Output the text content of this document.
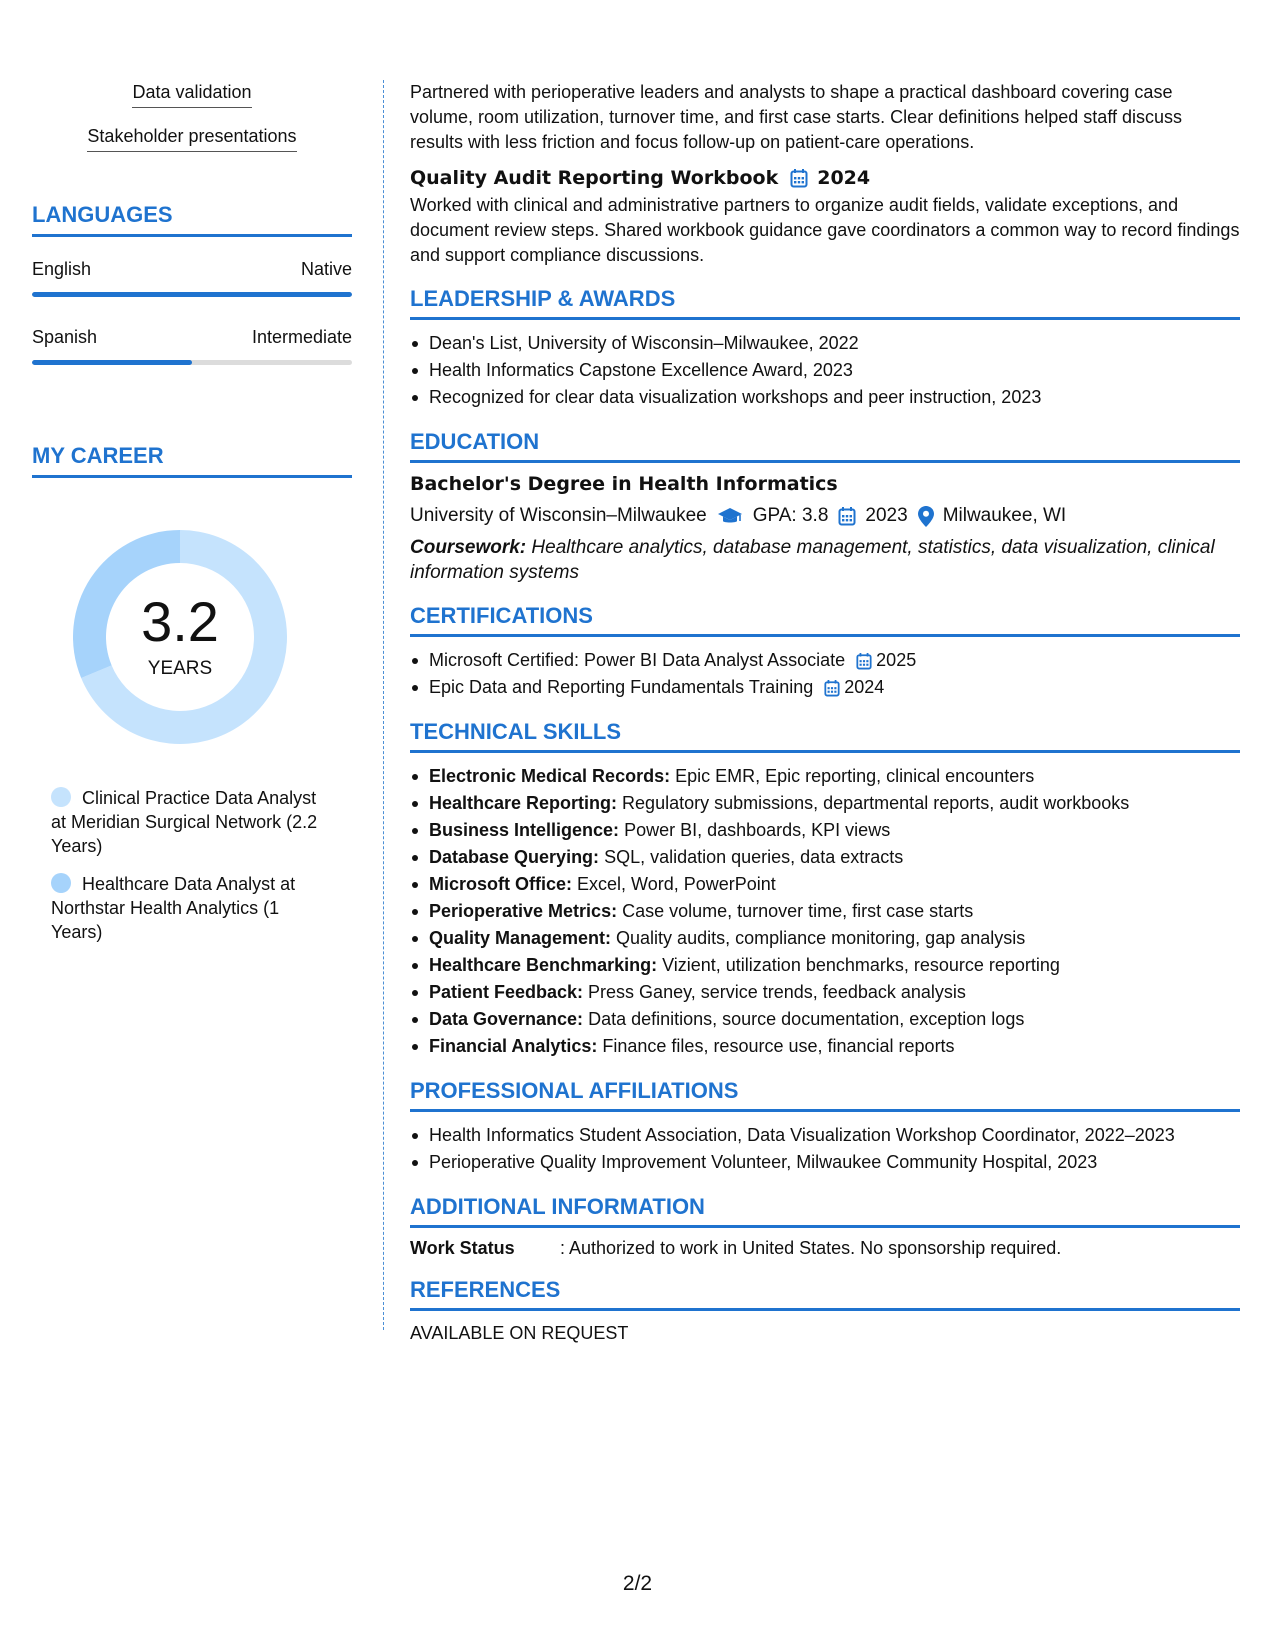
Data validation
Stakeholder presentations
LANGUAGES
English	Native
Spanish	Intermediate
MY CAREER
3.2
YEARS
Clinical Practice Data Analyst at Meridian Surgical Network (2.2 Years)
Healthcare Data Analyst at Northstar Health Analytics (1 Years)

Partnered with perioperative leaders and analysts to shape a practical dashboard covering case volume, room utilization, turnover time, and first case starts. Clear definitions helped staff discuss results with less friction and focus follow-up on patient-care operations.

Quality Audit Reporting Workbook 2024

Worked with clinical and administrative partners to organize audit fields, validate exceptions, and document review steps. Shared workbook guidance gave coordinators a common way to record findings and support compliance discussions.

LEADERSHIP & AWARDS
Dean's List, University of Wisconsin–Milwaukee, 2022
Health Informatics Capstone Excellence Award, 2023
Recognized for clear data visualization workshops and peer instruction, 2023
EDUCATION
Bachelor's Degree in Health Informatics
University of Wisconsin–Milwaukee GPA: 3.8 2023 Milwaukee, WI

Coursework: Healthcare analytics, database management, statistics, data visualization, clinical information systems

CERTIFICATIONS
Microsoft Certified: Power BI Data Analyst Associate 2025
Epic Data and Reporting Fundamentals Training 2024
TECHNICAL SKILLS
Electronic Medical Records: Epic EMR, Epic reporting, clinical encounters
Healthcare Reporting: Regulatory submissions, departmental reports, audit workbooks
Business Intelligence: Power BI, dashboards, KPI views
Database Querying: SQL, validation queries, data extracts
Microsoft Office: Excel, Word, PowerPoint
Perioperative Metrics: Case volume, turnover time, first case starts
Quality Management: Quality audits, compliance monitoring, gap analysis
Healthcare Benchmarking: Vizient, utilization benchmarks, resource reporting
Patient Feedback: Press Ganey, service trends, feedback analysis
Data Governance: Data definitions, source documentation, exception logs
Financial Analytics: Finance files, resource use, financial reports
PROFESSIONAL AFFILIATIONS
Health Informatics Student Association, Data Visualization Workshop Coordinator, 2022–2023
Perioperative Quality Improvement Volunteer, Milwaukee Community Hospital, 2023
ADDITIONAL INFORMATION
Work Status	: Authorized to work in United States. No sponsorship required.
REFERENCES
AVAILABLE ON REQUEST
2/2
